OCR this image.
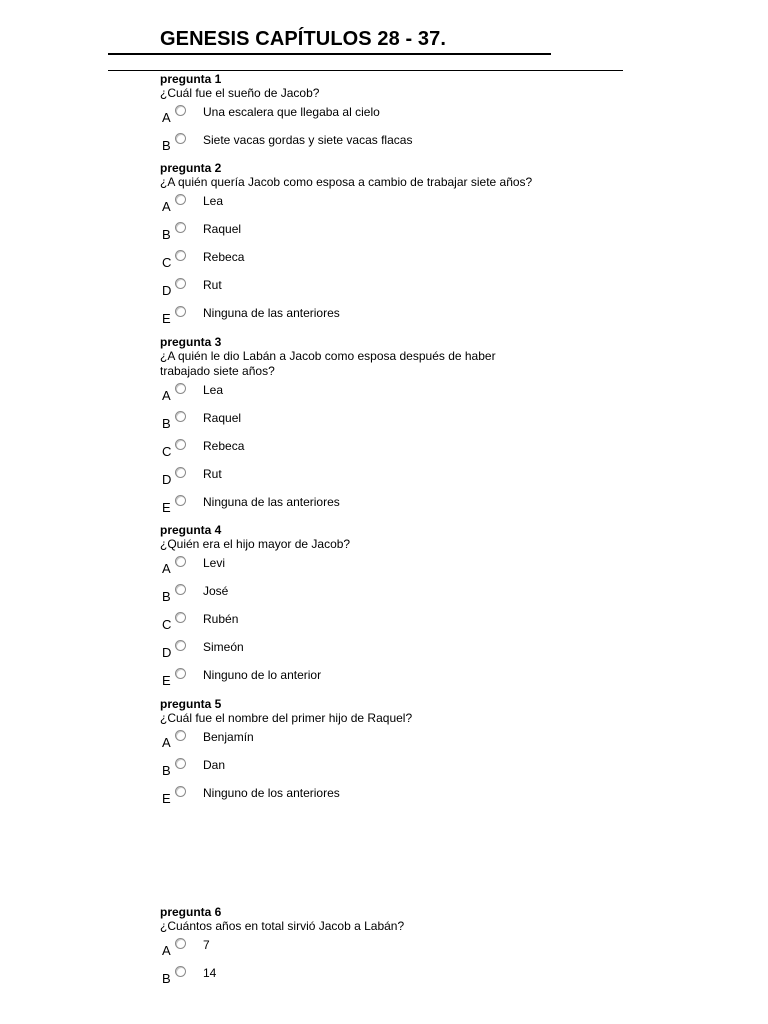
GENESIS CAPÍTULOS 28 - 37.
pregunta 1
¿Cuál fue el sueño de Jacob?
A	Una escalera que llegaba al cielo
B	Siete vacas gordas y siete vacas flacas
pregunta 2
¿A quién quería Jacob como esposa a cambio de trabajar siete años?
A	Lea
B	Raquel
C	Rebeca
D	Rut
E	Ninguna de las anteriores
pregunta 3
¿A quién le dio Labán a Jacob como esposa después de haber trabajado siete años?
A	Lea
B	Raquel
C	Rebeca
D	Rut
E	Ninguna de las anteriores
pregunta 4
¿Quién era el hijo mayor de Jacob?
A	Levi
B	José
C	Rubén
D	Simeón
E	Ninguno de lo anterior
pregunta 5
¿Cuál fue el nombre del primer hijo de Raquel?
A	Benjamín
B	Dan
E	Ninguno de los anteriores
pregunta 6
¿Cuántos años en total sirvió Jacob a Labán?
A	7
B	14
